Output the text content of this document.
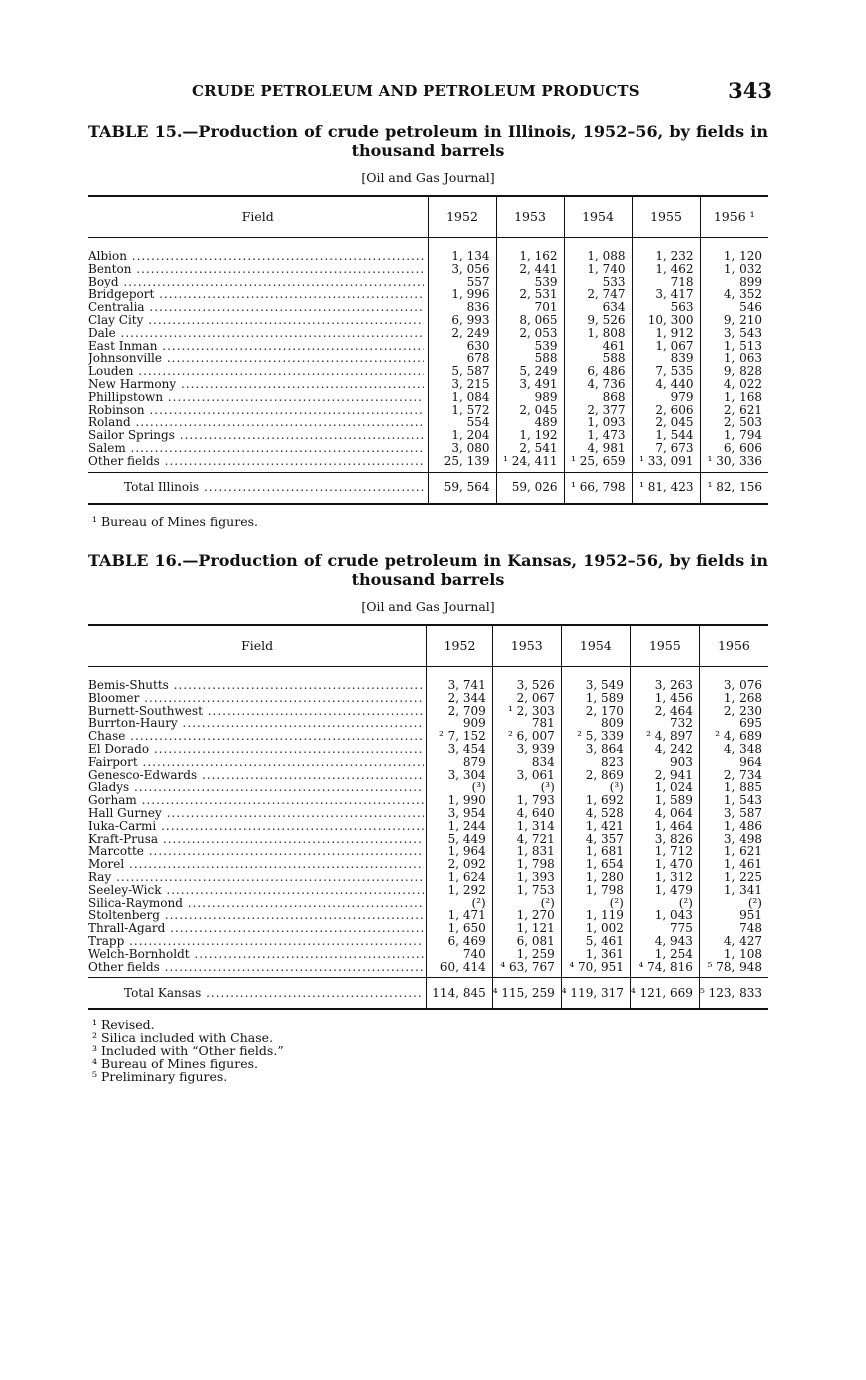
CRUDE PETROLEUM AND PETROLEUM PRODUCTS	343
TABLE 15.—Production of crude petroleum in Illinois, 1952–56, by fields in thousand barrels
[Oil and Gas Journal]
Field	1952	1953	1954	1955	1956 ¹

Albion .....	1, 134	1, 162	1, 088	1, 232	1, 120

Benton .....	3, 056	2, 441	1, 740	1, 462	1, 032

Boyd .....	557	539	533	718	899

Bridgeport .....	1, 996	2, 531	2, 747	3, 417	4, 352

Centralia .....	836	701	634	563	546

Clay City .....	6, 993	8, 065	9, 526	10, 300	9, 210

Dale .....	2, 249	2, 053	1, 808	1, 912	3, 543

East Inman .....	630	539	461	1, 067	1, 513

Johnsonville .....	678	588	588	839	1, 063

Louden .....	5, 587	5, 249	6, 486	7, 535	9, 828

New Harmony .....	3, 215	3, 491	4, 736	4, 440	4, 022

Phillipstown .....	1, 084	989	868	979	1, 168

Robinson .....	1, 572	2, 045	2, 377	2, 606	2, 621

Roland .....	554	489	1, 093	2, 045	2, 503

Sailor Springs .....	1, 204	1, 192	1, 473	1, 544	1, 794

Salem .....	3, 080	2, 541	4, 981	7, 673	6, 606

Other fields .....	25, 139	¹ 24, 411	¹ 25, 659	¹ 33, 091	¹ 30, 336

Total Illinois .....	59, 564	59, 026	¹ 66, 798	¹ 81, 423	¹ 82, 156
¹ Bureau of Mines figures.
TABLE 16.—Production of crude petroleum in Kansas, 1952–56, by fields in thousand barrels
[Oil and Gas Journal]
Field	1952	1953	1954	1955	1956

Bemis-Shutts .....	3, 741	3, 526	3, 549	3, 263	3, 076

Bloomer .....	2, 344	2, 067	1, 589	1, 456	1, 268

Burnett-Southwest .....	2, 709	¹ 2, 303	2, 170	2, 464	2, 230

Burrton-Haury .....	909	781	809	732	695

Chase .....	² 7, 152	² 6, 007	² 5, 339	² 4, 897	² 4, 689

El Dorado .....	3, 454	3, 939	3, 864	4, 242	4, 348

Fairport .....	879	834	823	903	964

Genesco-Edwards .....	3, 304	3, 061	2, 869	2, 941	2, 734

Gladys .....	(³)	(³)	(³)	1, 024	1, 885

Gorham .....	1, 990	1, 793	1, 692	1, 589	1, 543

Hall Gurney .....	3, 954	4, 640	4, 528	4, 064	3, 587

Iuka-Carmi .....	1, 244	1, 314	1, 421	1, 464	1, 486

Kraft-Prusa .....	5, 449	4, 721	4, 357	3, 826	3, 498

Marcotte .....	1, 964	1, 831	1, 681	1, 712	1, 621

Morel .....	2, 092	1, 798	1, 654	1, 470	1, 461

Ray .....	1, 624	1, 393	1, 280	1, 312	1, 225

Seeley-Wick .....	1, 292	1, 753	1, 798	1, 479	1, 341

Silica-Raymond .....	(²)	(²)	(²)	(²)	(²)

Stoltenberg .....	1, 471	1, 270	1, 119	1, 043	951

Thrall-Agard .....	1, 650	1, 121	1, 002	775	748

Trapp .....	6, 469	6, 081	5, 461	4, 943	4, 427

Welch-Bornholdt .....	740	1, 259	1, 361	1, 254	1, 108

Other fields .....	60, 414	⁴ 63, 767	⁴ 70, 951	⁴ 74, 816	⁵ 78, 948

Total Kansas .....	114, 845	⁴ 115, 259	⁴ 119, 317	⁴ 121, 669	⁵ 123, 833
¹ Revised.
² Silica included with Chase.
³ Included with “Other fields.”
⁴ Bureau of Mines figures.
⁵ Preliminary figures.
